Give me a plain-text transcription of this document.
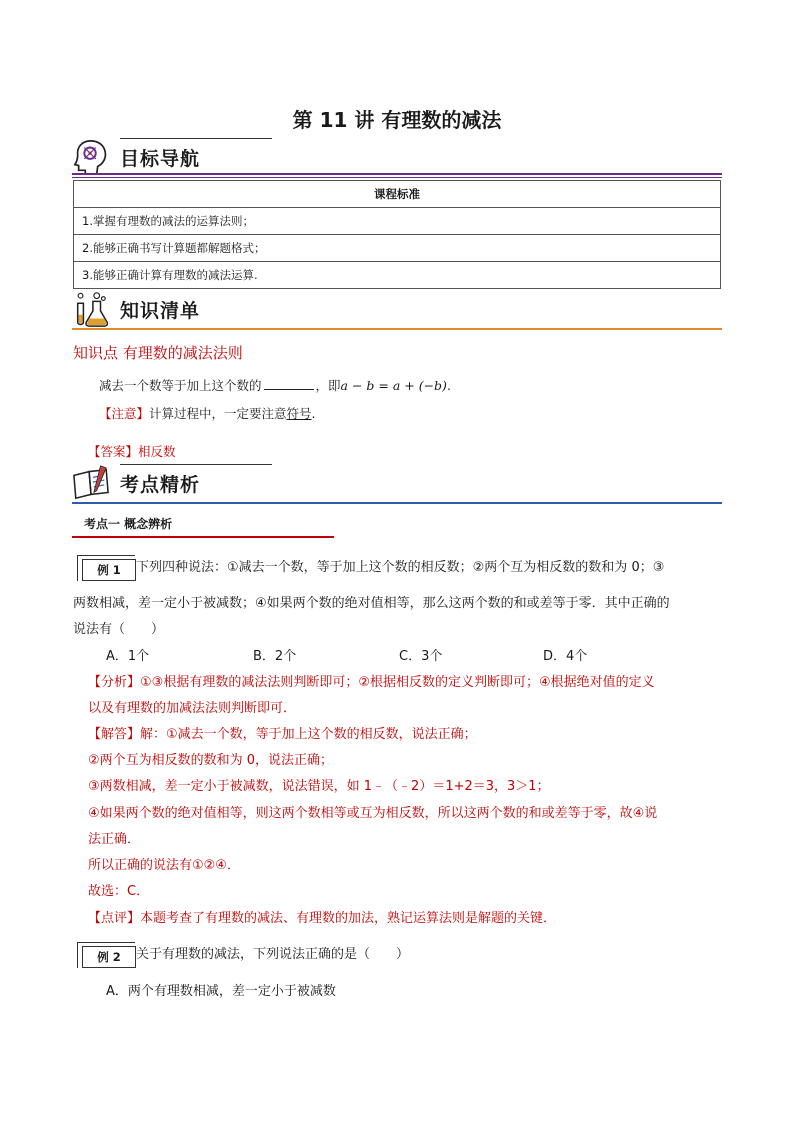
第 11 讲 有理数的减法
目标导航
课程标准
1.掌握有理数的减法的运算法则；
2.能够正确书写计算题都解题格式；
3.能够正确计算有理数的减法运算.
知识清单
知识点 有理数的减法法则
减去一个数等于加上这个数的	，即a − b = a + (−b).
【注意】计算过程中，一定要注意符号.
【答案】相反数
考点精析
考点一 概念辨析
例 1	下列四种说法：①减去一个数，等于加上这个数的相反数；②两个互为相反数的数和为 0；③
两数相减，差一定小于被减数；④如果两个数的绝对值相等，那么这两个数的和或差等于零．其中正确的
说法有（　　）
A．1个	B．2个	C．3个	D．4个
【分析】①③根据有理数的减法法则判断即可；②根据相反数的定义判断即可；④根据绝对值的定义
以及有理数的加减法法则判断即可．
【解答】解：①减去一个数，等于加上这个数的相反数，说法正确；
②两个互为相反数的数和为 0，说法正确；
③两数相减，差一定小于被减数，说法错误，如 1﹣（﹣2）＝1+2＝3，3＞1；
④如果两个数的绝对值相等，则这两个数相等或互为相反数，所以这两个数的和或差等于零，故④说
法正确．
所以正确的说法有①②④．
故选：C．
【点评】本题考查了有理数的减法、有理数的加法，熟记运算法则是解题的关键．
例 2	关于有理数的减法，下列说法正确的是（　　）
A．两个有理数相减，差一定小于被减数
